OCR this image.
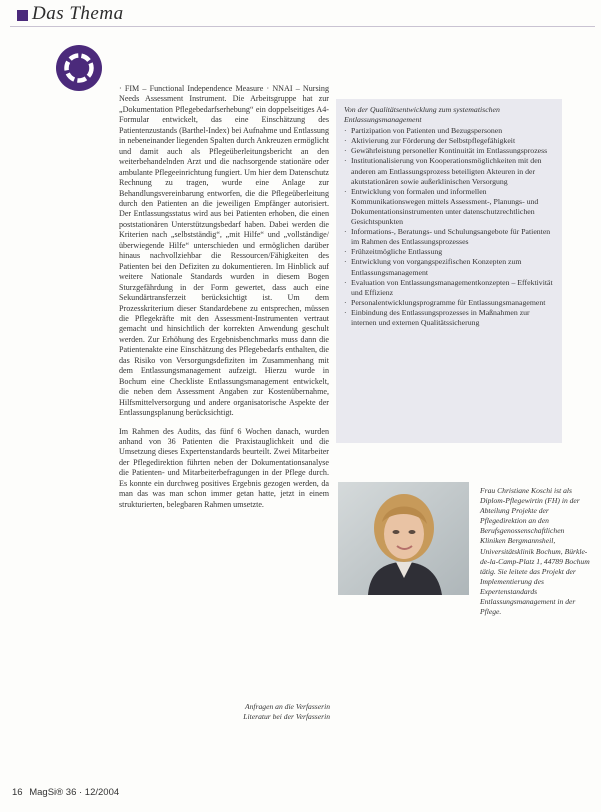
Das Thema

· FIM – Functional Independence Measure · NNAI – Nursing Needs Assessment Instrument. Die Arbeitsgruppe hat zur „Dokumentation Pflegebedarfserhebung“ ein doppelseitiges A4-Formular entwickelt, das eine Einschätzung des Patientenzustands (Barthel-Index) bei Aufnahme und Entlassung in nebeneinander liegenden Spalten durch Ankreuzen ermöglicht und damit auch als Pflegeüberleitungsbericht an den weiterbehandelnden Arzt und die nachsorgende stationäre oder ambulante Pflegeeinrichtung fungiert. Um hier dem Datenschutz Rechnung zu tragen, wurde eine Anlage zur Behandlungsvereinbarung entworfen, die die Pflegeüberleitung durch den Patienten an die jeweiligen Empfänger autorisiert. Der Entlassungsstatus wird aus bei Patienten erhoben, die einen poststationären Unterstützungsbedarf haben. Dabei werden die Kriterien nach „selbstständig“, „mit Hilfe“ und „vollständige/überwiegende Hilfe“ unterschieden und ermöglichen darüber hinaus nachvollziehbar die Ressourcen/Fähigkeiten des Patienten bei den Defiziten zu dokumentieren. Im Hinblick auf weitere Nationale Standards wurden in diesem Bogen Sturzgefährdung in der Form gewertet, dass auch eine Sekundärtransferzeit berücksichtigt ist. Um dem Prozesskriterium dieser Standardebene zu entsprechen, müssen die Pflegekräfte mit den Assessment-Instrumenten vertraut gemacht und hinsichtlich der korrekten Anwendung geschult werden. Zur Erhöhung des Ergebnisbenchmarks muss dann die Patientenakte eine Einschätzung des Pflegebedarfs enthalten, die das Risiko von Versorgungsdefiziten im Zusammenhang mit dem Entlassungsmanagement aufzeigt. Hierzu wurde in Bochum eine Checkliste Entlassungsmanagement entwickelt, die neben dem Assessment Angaben zur Kostenübernahme, Hilfsmittelversorgung und andere organisatorische Aspekte der Entlassungsplanung berücksichtigt.

Im Rahmen des Audits, das fünf 6 Wochen danach, wurden anhand von 36 Patienten die Praxistauglichkeit und die Umsetzung dieses Expertenstandards beurteilt. Zwei Mitarbeiter der Pflegedirektion führten neben der Dokumentationsanalyse die Patienten- und Mitarbeiterbefragungen in der Pflege durch. Es konnte ein durchweg positives Ergebnis gezogen werden, da man das was man schon immer getan hatte, jetzt in einem strukturierten, belegbaren Rahmen umsetzte.

Von der Qualitätsentwicklung zum systematischen Entlassungsmanagement
· Partizipation von Patienten und Bezugspersonen
· Aktivierung zur Förderung der Selbstpflegefähigkeit
· Gewährleistung personeller Kontinuität im Entlassungsprozess
· Institutionalisierung von Kooperationsmöglichkeiten mit den anderen am Entlassungsprozess beteiligten Akteuren in der akutstationären sowie außerklinischen Versorgung
· Entwicklung von formalen und informellen Kommunikationswegen mittels Assessment-, Planungs- und Dokumentationsinstrumenten unter datenschutzrechtlichen Gesichtspunkten
· Informations-, Beratungs- und Schulungsangebote für Patienten im Rahmen des Entlassungsprozesses
· Frühzeitmögliche Entlassung
· Entwicklung von vorgangspezifischen Konzepten zum Entlassungsmanagement
· Evaluation von Entlassungsmanagementkonzepten – Effektivität und Effizienz
· Personalentwicklungsprogramme für Entlassungsmanagement
· Einbindung des Entlassungsprozesses in Maßnahmen zur internen und externen Qualitätssicherung
Frau Christiane Koschi ist als Diplom-Pflegewirtin (FH) in der Abteilung Projekte der Pflegedirektion an den Berufsgenossenschaftlichen Kliniken Bergmannsheil, Universitätsklinik Bochum, Bürkle-de-la-Camp-Platz 1, 44789 Bochum tätig. Sie leitete das Projekt der Implementierung des Expertenstandards Entlassungsmanagement in der Pflege.
Anfragen an die Verfasserin
Literatur bei der Verfasserin
16 MagSi® 36 · 12/2004
